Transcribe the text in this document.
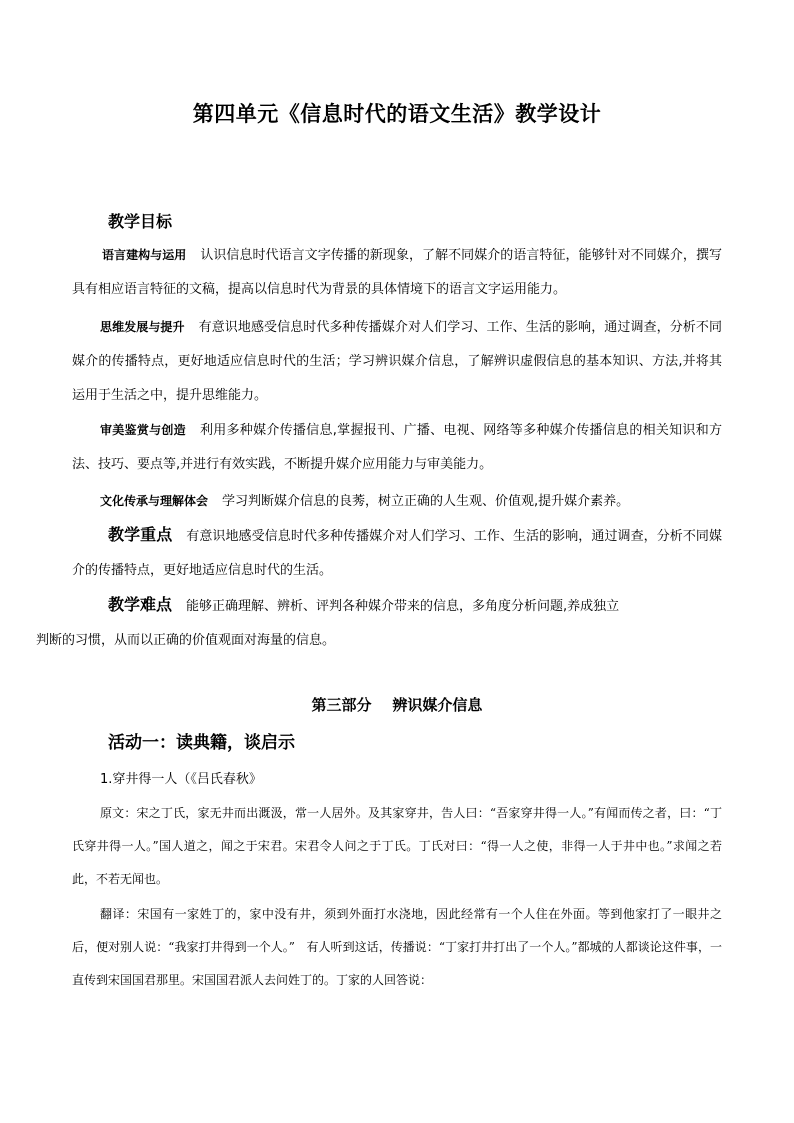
第四单元《信息时代的语文生活》教学设计
教学目标
语言建构与运用 认识信息时代语言文字传播的新现象，了解不同媒介的语言特征，能够针对不同媒介，撰写具有相应语言特征的文稿，提高以信息时代为背景的具体情境下的语言文字运用能力。
思维发展与提升 有意识地感受信息时代多种传播媒介对人们学习、工作、生活的影响，通过调查，分析不同媒介的传播特点，更好地适应信息时代的生活；学习辨识媒介信息，了解辨识虚假信息的基本知识、方法,并将其运用于生活之中，提升思维能力。
审美鉴赏与创造 利用多种媒介传播信息,掌握报刊、广播、电视、网络等多种媒介传播信息的相关知识和方法、技巧、要点等,并进行有效实践，不断提升媒介应用能力与审美能力。
文化传承与理解体会 学习判断媒介信息的良莠，树立正确的人生观、价值观,提升媒介素养。
教学重点 有意识地感受信息时代多种传播媒介对人们学习、工作、生活的影响，通过调查，分析不同媒介的传播特点，更好地适应信息时代的生活。
教学难点 能够正确理解、辨析、评判各种媒介带来的信息，多角度分析问题,养成独立
判断的习惯，从而以正确的价值观面对海量的信息。
第三部分    辨识媒介信息
活动一：读典籍，谈启示
1.穿井得一人（《吕氏春秋》
原文：宋之丁氏，家无井而出溉汲，常一人居外。及其家穿井，告人曰：“吾家穿井得一人。”有闻而传之者，曰：“丁氏穿井得一人。”国人道之，闻之于宋君。宋君令人问之于丁氏。丁氏对曰：“得一人之使，非得一人于井中也。”求闻之若此，不若无闻也。
翻译：宋国有一家姓丁的，家中没有井，须到外面打水浇地，因此经常有一个人住在外面。等到他家打了一眼井之后，便对别人说：“我家打井得到一个人。”   有人听到这话，传播说：“丁家打井打出了一个人。”都城的人都谈论这件事，一直传到宋国国君那里。宋国国君派人去问姓丁的。丁家的人回答说：
